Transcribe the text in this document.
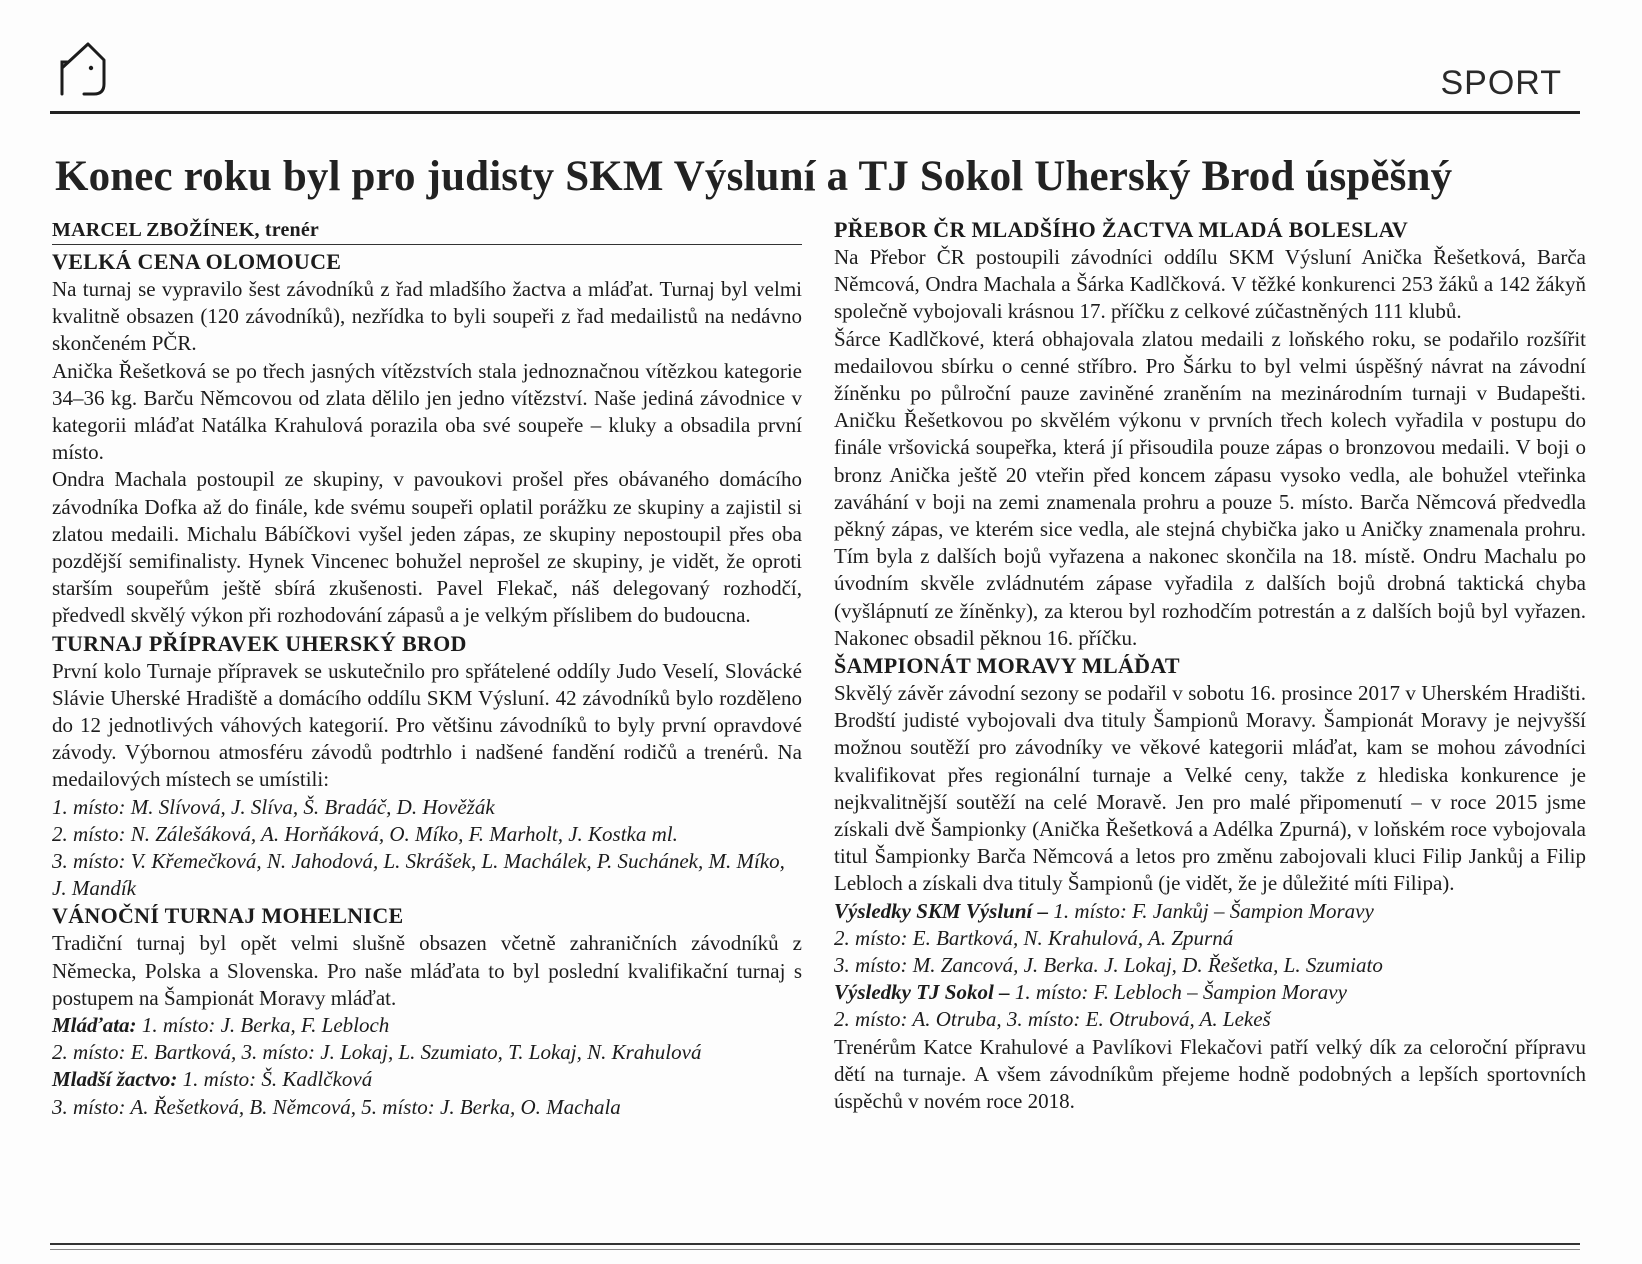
SPORT
Konec roku byl pro judisty SKM Výsluní a TJ Sokol Uherský Brod úspěšný
MARCEL ZBOŽÍNEK, trenér
VELKÁ CENA OLOMOUCE

Na turnaj se vypravilo šest závodníků z řad mladšího žactva a mláďat. Turnaj byl velmi kvalitně obsazen (120 závodníků), nezřídka to byli soupeři z řad medailistů na nedávno skončeném PČR.

Anička Řešetková se po třech jasných vítězstvích stala jednoznačnou vítězkou kategorie 34–36 kg. Barču Němcovou od zlata dělilo jen jedno vítězství. Naše jediná závodnice v kategorii mláďat Natálka Krahulová porazila oba své soupeře – kluky a obsadila první místo.

Ondra Machala postoupil ze skupiny, v pavoukovi prošel přes obávaného domácího závodníka Dofka až do finále, kde svému soupeři oplatil porážku ze skupiny a zajistil si zlatou medaili. Michalu Bábíčkovi vyšel jeden zápas, ze skupiny nepostoupil přes oba pozdější semifinalisty. Hynek Vincenec bohužel neprošel ze skupiny, je vidět, že oproti starším soupeřům ještě sbírá zkušenosti. Pavel Flekač, náš delegovaný rozhodčí, předvedl skvělý výkon při rozhodování zápasů a je velkým příslibem do budoucna.

TURNAJ PŘÍPRAVEK UHERSKÝ BROD

První kolo Turnaje přípravek se uskutečnilo pro spřátelené oddíly Judo Veselí, Slovácké Slávie Uherské Hradiště a domácího oddílu SKM Výsluní. 42 závodníků bylo rozděleno do 12 jednotlivých váhových kategorií. Pro většinu závodníků to byly první opravdové závody. Výbornou atmosféru závodů podtrhlo i nadšené fandění rodičů a trenérů. Na medailových místech se umístili:

1. místo: M. Slívová, J. Slíva, Š. Bradáč, D. Hověžák

2. místo: N. Zálešáková, A. Horňáková, O. Míko, F. Marholt, J. Kostka ml.

3. místo: V. Křemečková, N. Jahodová, L. Skrášek, L. Machálek, P. Suchánek, M. Míko, J. Mandík

VÁNOČNÍ TURNAJ MOHELNICE

Tradiční turnaj byl opět velmi slušně obsazen včetně zahraničních závodníků z Německa, Polska a Slovenska. Pro naše mláďata to byl poslední kvalifikační turnaj s postupem na Šampionát Moravy mláďat.

Mláďata: 1. místo: J. Berka, F. Lebloch

2. místo: E. Bartková, 3. místo: J. Lokaj, L. Szumiato, T. Lokaj, N. Krahulová

Mladší žactvo: 1. místo: Š. Kadlčková

3. místo: A. Řešetková, B. Němcová, 5. místo: J. Berka, O. Machala

PŘEBOR ČR MLADŠÍHO ŽACTVA MLADÁ BOLESLAV

Na Přebor ČR postoupili závodníci oddílu SKM Výsluní Anička Řešetková, Barča Němcová, Ondra Machala a Šárka Kadlčková. V těžké konkurenci 253 žáků a 142 žákyň společně vybojovali krásnou 17. příčku z celkové zúčastněných 111 klubů.

Šárce Kadlčkové, která obhajovala zlatou medaili z loňského roku, se podařilo rozšířit medailovou sbírku o cenné stříbro. Pro Šárku to byl velmi úspěšný návrat na závodní žíněnku po půlroční pauze zaviněné zraněním na mezinárodním turnaji v Budapešti. Aničku Řešetkovou po skvělém výkonu v prvních třech kolech vyřadila v postupu do finále vršovická soupeřka, která jí přisoudila pouze zápas o bronzovou medaili. V boji o bronz Anička ještě 20 vteřin před koncem zápasu vysoko vedla, ale bohužel vteřinka zaváhání v boji na zemi znamenala prohru a pouze 5. místo. Barča Němcová předvedla pěkný zápas, ve kterém sice vedla, ale stejná chybička jako u Aničky znamenala prohru. Tím byla z dalších bojů vyřazena a nakonec skončila na 18. místě. Ondru Machalu po úvodním skvěle zvládnutém zápase vyřadila z dalších bojů drobná taktická chyba (vyšlápnutí ze žíněnky), za kterou byl rozhodčím potrestán a z dalších bojů byl vyřazen. Nakonec obsadil pěknou 16. příčku.

ŠAMPIONÁT MORAVY MLÁĎAT

Skvělý závěr závodní sezony se podařil v sobotu 16. prosince 2017 v Uherském Hradišti. Brodští judisté vybojovali dva tituly Šampionů Moravy. Šampionát Moravy je nejvyšší možnou soutěží pro závodníky ve věkové kategorii mláďat, kam se mohou závodníci kvalifikovat přes regionální turnaje a Velké ceny, takže z hlediska konkurence je nejkvalitnější soutěží na celé Moravě. Jen pro malé připomenutí – v roce 2015 jsme získali dvě Šampionky (Anička Řešetková a Adélka Zpurná), v loňském roce vybojovala titul Šampionky Barča Němcová a letos pro změnu zabojovali kluci Filip Jankůj a Filip Lebloch a získali dva tituly Šampionů (je vidět, že je důležité míti Filipa).

Výsledky SKM Výsluní – 1. místo: F. Jankůj – Šampion Moravy

2. místo: E. Bartková, N. Krahulová, A. Zpurná

3. místo: M. Zancová, J. Berka. J. Lokaj, D. Řešetka, L. Szumiato

Výsledky TJ Sokol – 1. místo: F. Lebloch – Šampion Moravy

2. místo: A. Otruba, 3. místo: E. Otrubová, A. Lekeš

Trenérům Katce Krahulové a Pavlíkovi Flekačovi patří velký dík za celoroční přípravu dětí na turnaje. A všem závodníkům přejeme hodně podobných a lepších sportovních úspěchů v novém roce 2018.
